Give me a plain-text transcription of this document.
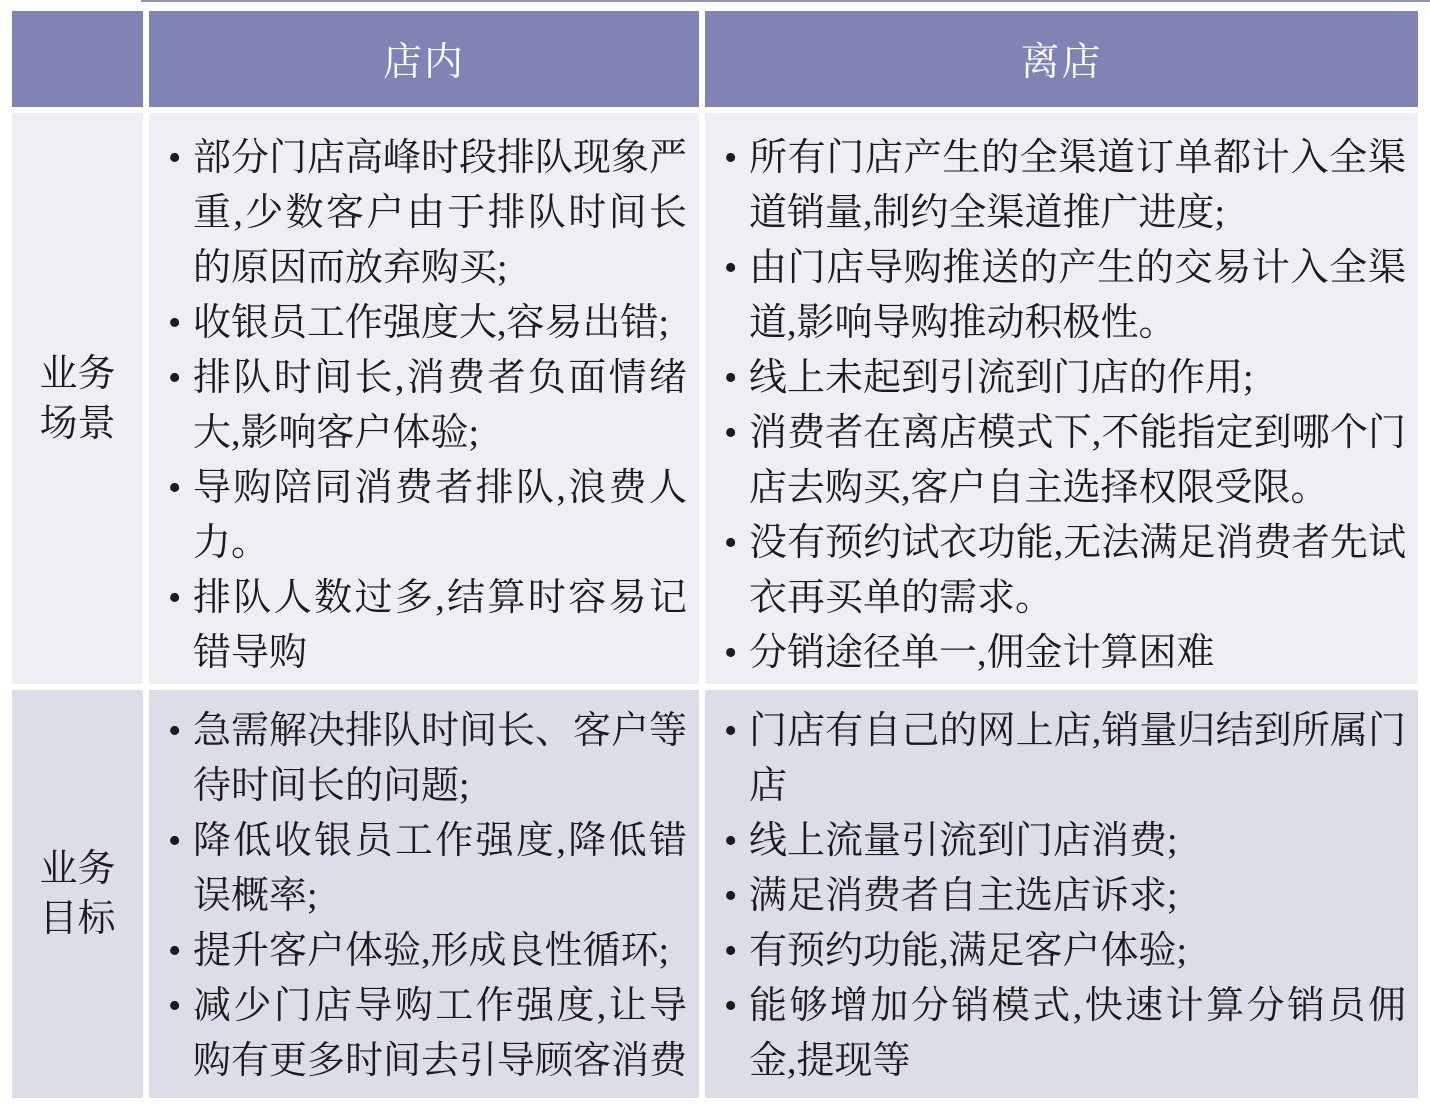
店内	离店
业务场景
• 部分门店高峰时段排队现象严重,少数客户由于排队时间长的原因而放弃购买;
• 收银员工作强度大,容易出错;
• 排队时间长,消费者负面情绪大,影响客户体验;
• 导购陪同消费者排队,浪费人力。
• 排队人数过多,结算时容易记错导购
• 所有门店产生的全渠道订单都计入全渠道销量,制约全渠道推广进度;
• 由门店导购推送的产生的交易计入全渠道,影响导购推动积极性。
• 线上未起到引流到门店的作用;
• 消费者在离店模式下,不能指定到哪个门店去购买,客户自主选择权限受限。
• 没有预约试衣功能,无法满足消费者先试衣再买单的需求。
• 分销途径单一,佣金计算困难
业务目标
• 急需解决排队时间长、客户等待时间长的问题;
• 降低收银员工作强度,降低错误概率;
• 提升客户体验,形成良性循环;
• 减少门店导购工作强度,让导购有更多时间去引导顾客消费
• 门店有自己的网上店,销量归结到所属门店
• 线上流量引流到门店消费;
• 满足消费者自主选店诉求;
• 有预约功能,满足客户体验;
• 能够增加分销模式,快速计算分销员佣金,提现等
